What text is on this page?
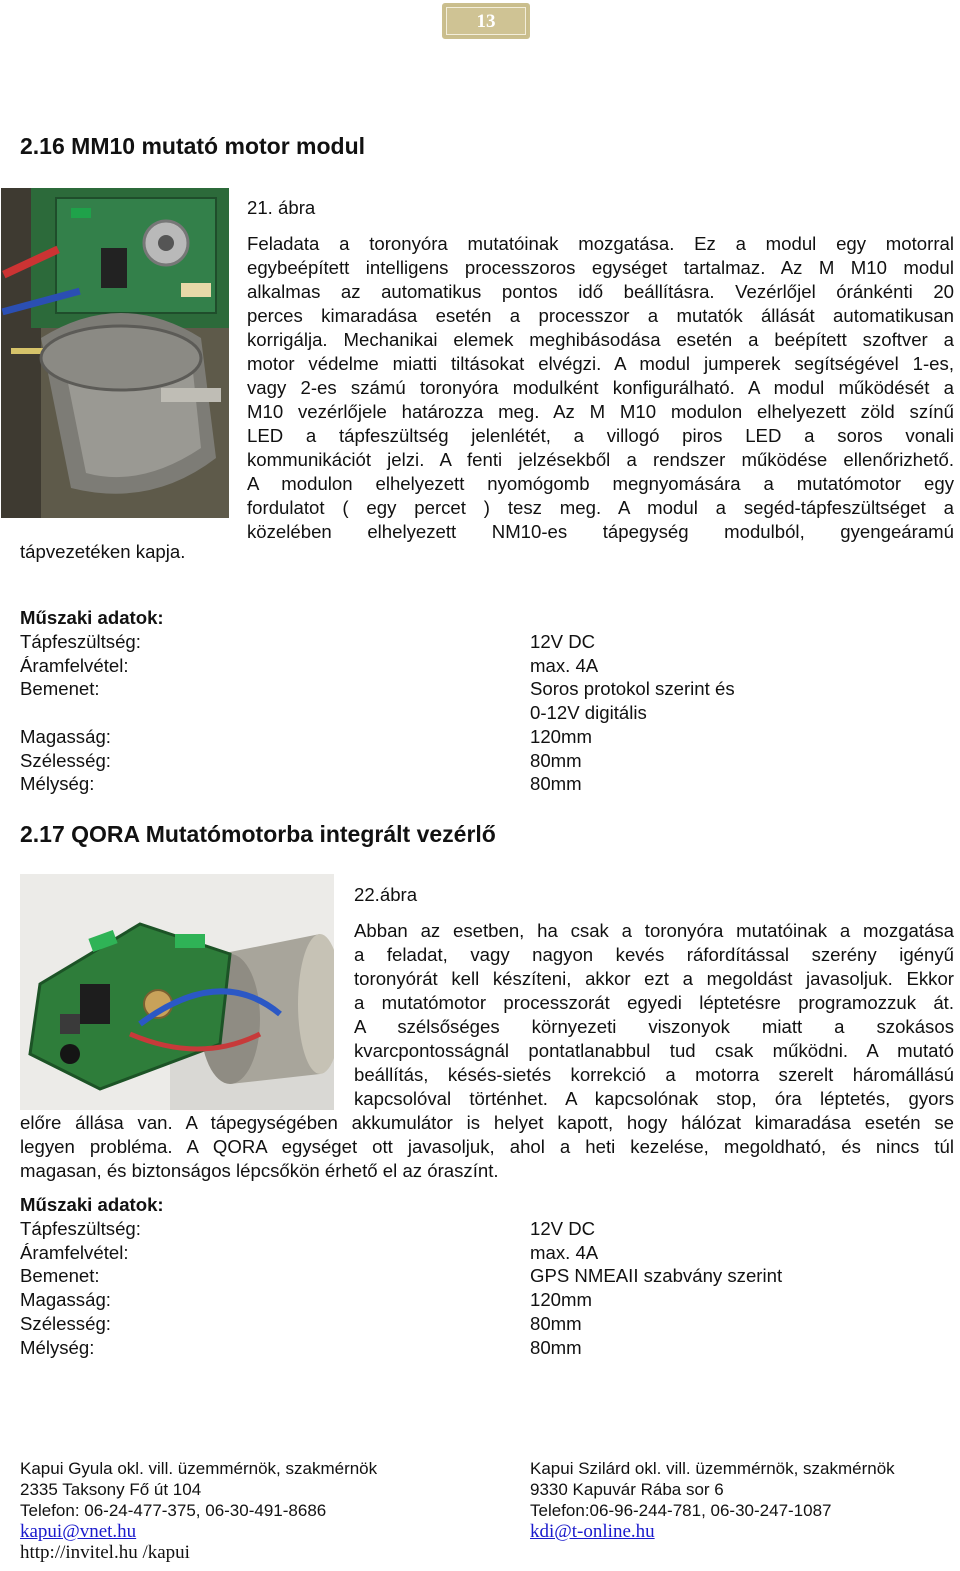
13
2.16 MM10 mutató motor modul
21. ábra
Feladata a toronyóra mutatóinak mozgatása. Ez a modul egy motorral
egybeépített intelligens processzoros egységet tartalmaz. Az M M10 modul
alkalmas az automatikus pontos idő beállításra. Vezérlőjel óránkénti 20
perces kimaradása esetén a processzor a mutatók állását automatikusan
korrigálja. Mechanikai elemek meghibásodása esetén a beépített szoftver a
motor védelme miatti tiltásokat elvégzi. A modul jumperek segítségével 1-es,
vagy 2-es számú toronyóra modulként konfigurálható. A modul működését a
M10 vezérlőjele határozza meg. Az M M10 modulon elhelyezett zöld színű
LED a tápfeszültség jelenlétét, a villogó piros LED a soros vonali
kommunikációt jelzi. A fenti jelzésekből a rendszer működése ellenőrizhető.
A modulon elhelyezett nyomógomb megnyomására a mutatómotor egy
fordulatot ( egy percet ) tesz meg. A modul a segéd-tápfeszültséget a
közelében elhelyezett NM10-es tápegység modulból, gyengeáramú
tápvezetéken kapja.
Műszaki adatok:
Tápfeszültség:
Áramfelvétel:
Bemenet:
Magasság:
Szélesség:
Mélység:
12V DC
max. 4A
Soros protokol szerint és
0-12V digitális
120mm
80mm
80mm
2.17 QORA Mutatómotorba integrált vezérlő
22.ábra
Abban az esetben, ha csak a toronyóra mutatóinak a mozgatása
a feladat, vagy nagyon kevés ráfordítással szerény igényű
toronyórát kell készíteni, akkor ezt a megoldást javasoljuk. Ekkor
a mutatómotor processzorát egyedi léptetésre programozzuk át.
A szélsőséges környezeti viszonyok miatt a szokásos
kvarcpontosságnál pontatlanabbul tud csak működni. A mutató
beállítás, késés-sietés korrekció a motorra szerelt háromállású
kapcsolóval történhet. A kapcsolónak stop, óra léptetés, gyors
előre állása van. A tápegységében akkumulátor is helyet kapott, hogy hálózat kimaradása esetén se
legyen probléma. A QORA egységet ott javasoljuk, ahol a heti kezelése, megoldható, és nincs túl
magasan, és biztonságos lépcsőkön érhető el az óraszínt.
Műszaki adatok:
Tápfeszültség:
Áramfelvétel:
Bemenet:
Magasság:
Szélesség:
Mélység:
12V DC
max. 4A
GPS NMEAII szabvány szerint
120mm
80mm
80mm
Kapui Gyula okl. vill. üzemmérnök, szakmérnök
2335 Taksony Fő út 104
Telefon: 06-24-477-375, 06-30-491-8686
kapui@vnet.hu
http://invitel.hu /kapui
Kapui Szilárd okl. vill. üzemmérnök, szakmérnök
9330 Kapuvár Rába sor 6
Telefon:06-96-244-781, 06-30-247-1087
kdi@t-online.hu
